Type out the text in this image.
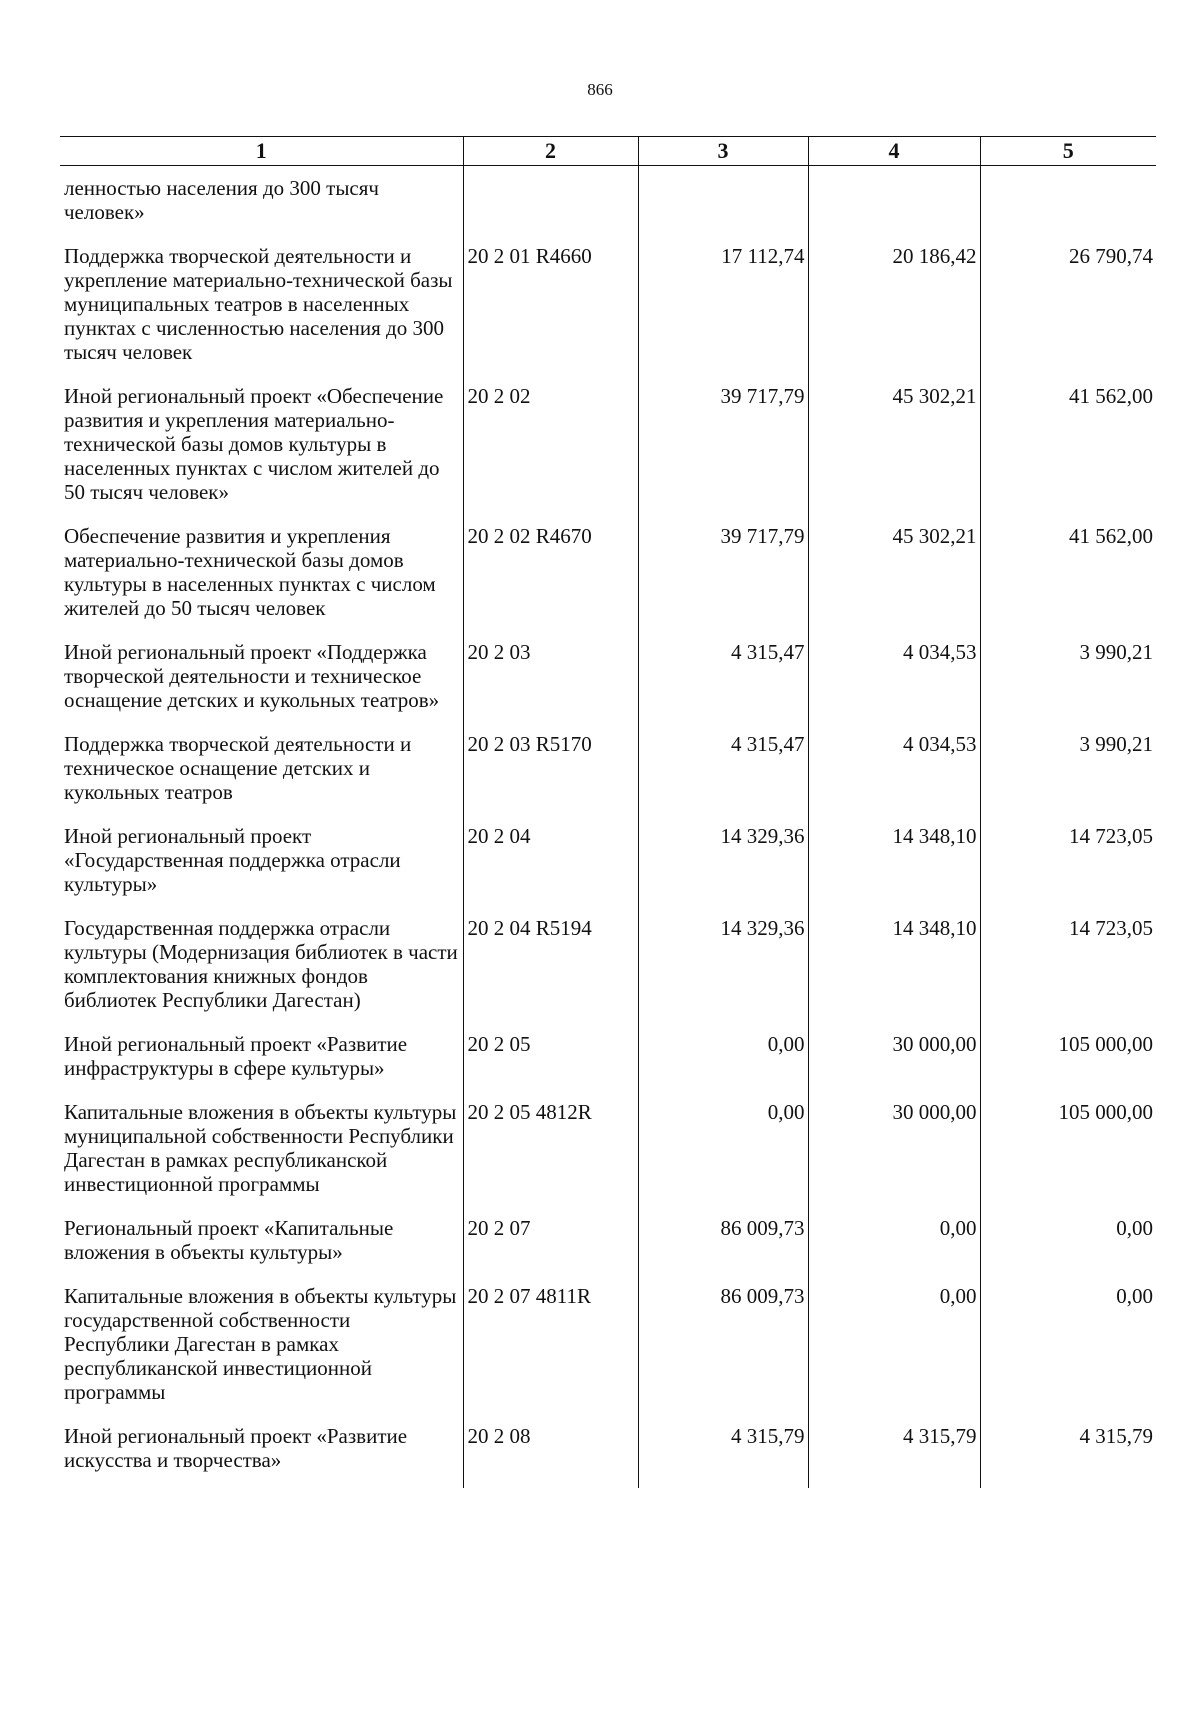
866
1	2	3	4	5
ленностью населения до 300 тысяч человек»				
Поддержка творческой деятельности и укрепление материально-технической базы муниципальных театров в населенных пунктах с численностью населения до 300 тысяч человек	20 2 01 R4660	17 112,74	20 186,42	26 790,74
Иной региональный проект «Обеспечение развития и укрепления материально-технической базы домов культуры в населенных пунктах с числом жителей до 50 тысяч человек»	20 2 02	39 717,79	45 302,21	41 562,00
Обеспечение развития и укрепления материально-технической базы домов культуры в населенных пунктах с числом жителей до 50 тысяч человек	20 2 02 R4670	39 717,79	45 302,21	41 562,00
Иной региональный проект «Поддержка творческой деятельности и техническое оснащение детских и кукольных театров»	20 2 03	4 315,47	4 034,53	3 990,21
Поддержка творческой деятельности и техническое оснащение детских и кукольных театров	20 2 03 R5170	4 315,47	4 034,53	3 990,21
Иной региональный проект «Государственная поддержка отрасли культуры»	20 2 04	14 329,36	14 348,10	14 723,05
Государственная поддержка отрасли культуры (Модернизация библиотек в части комплектования книжных фондов библиотек Республики Дагестан)	20 2 04 R5194	14 329,36	14 348,10	14 723,05
Иной региональный проект «Развитие инфраструктуры в сфере культуры»	20 2 05	0,00	30 000,00	105 000,00
Капитальные вложения в объекты культуры муниципальной собственности Республики Дагестан в рамках республиканской инвестиционной программы	20 2 05 4812R	0,00	30 000,00	105 000,00
Региональный проект «Капитальные вложения в объекты культуры»	20 2 07	86 009,73	0,00	0,00
Капитальные вложения в объекты культуры государственной собственности Республики Дагестан в рамках республиканской инвестиционной программы	20 2 07 4811R	86 009,73	0,00	0,00
Иной региональный проект «Развитие искусства и творчества»	20 2 08	4 315,79	4 315,79	4 315,79
